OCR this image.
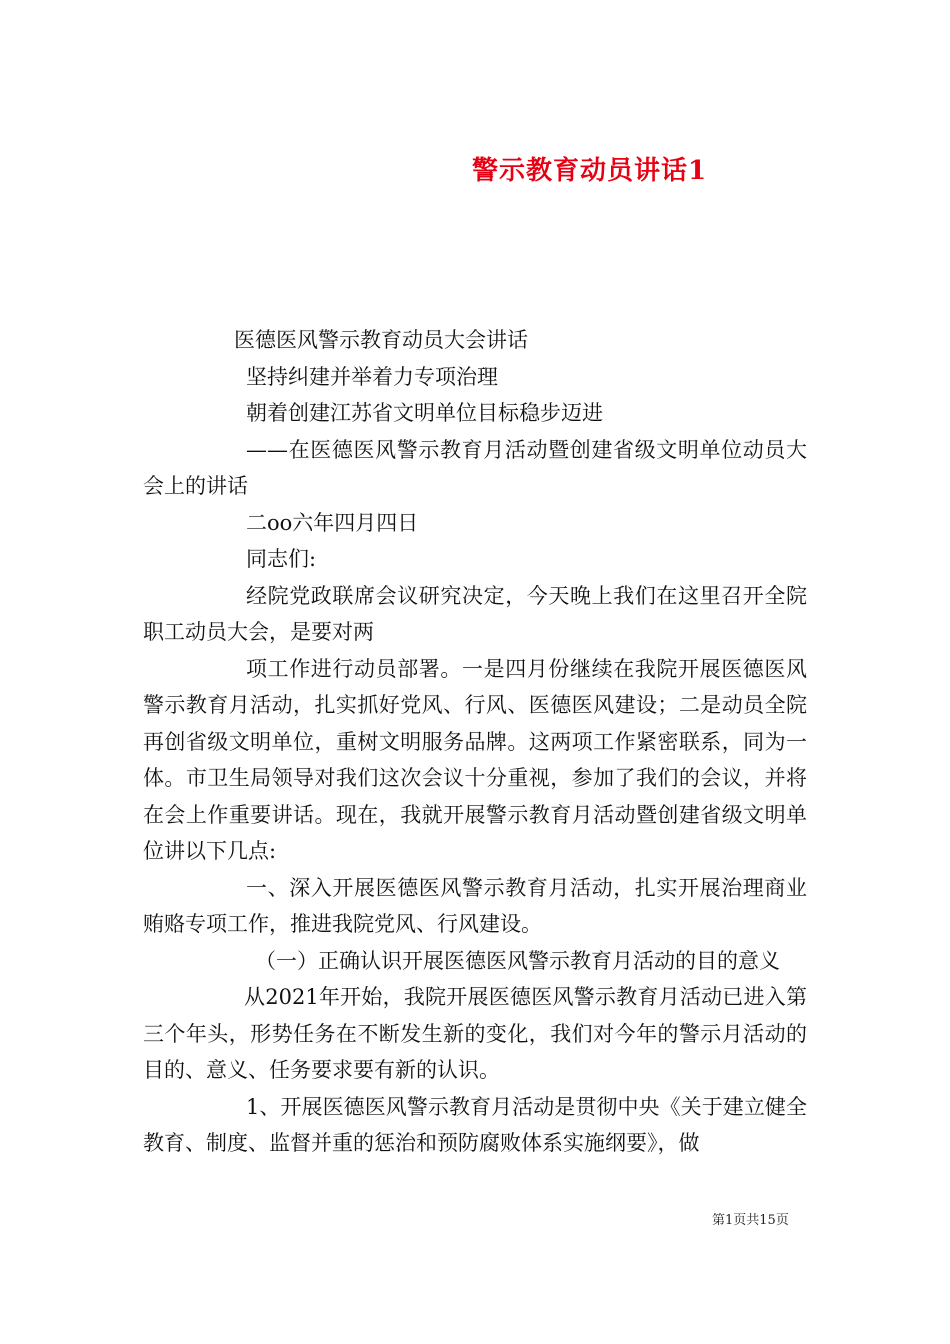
警示教育动员讲话1

医德医风警示教育动员大会讲话

坚持纠建并举着力专项治理

朝着创建江苏省文明单位目标稳步迈进

——在医德医风警示教育月活动暨创建省级文明单位动员大会上的讲话

二oo六年四月四日

同志们:

经院党政联席会议研究决定，今天晚上我们在这里召开全院职工动员大会，是要对两

项工作进行动员部署。一是四月份继续在我院开展医德医风警示教育月活动，扎实抓好党风、行风、医德医风建设；二是动员全院再创省级文明单位，重树文明服务品牌。这两项工作紧密联系，同为一体。市卫生局领导对我们这次会议十分重视，参加了我们的会议，并将在会上作重要讲话。现在，我就开展警示教育月活动暨创建省级文明单位讲以下几点:

一、深入开展医德医风警示教育月活动，扎实开展治理商业贿赂专项工作，推进我院党风、行风建设。

（一）正确认识开展医德医风警示教育月活动的目的意义

从2021年开始，我院开展医德医风警示教育月活动已进入第三个年头，形势任务在不断发生新的变化，我们对今年的警示月活动的目的、意义、任务要求要有新的认识。

1、开展医德医风警示教育月活动是贯彻中央《关于建立健全教育、制度、监督并重的惩治和预防腐败体系实施纲要》，做

第1页共15页
